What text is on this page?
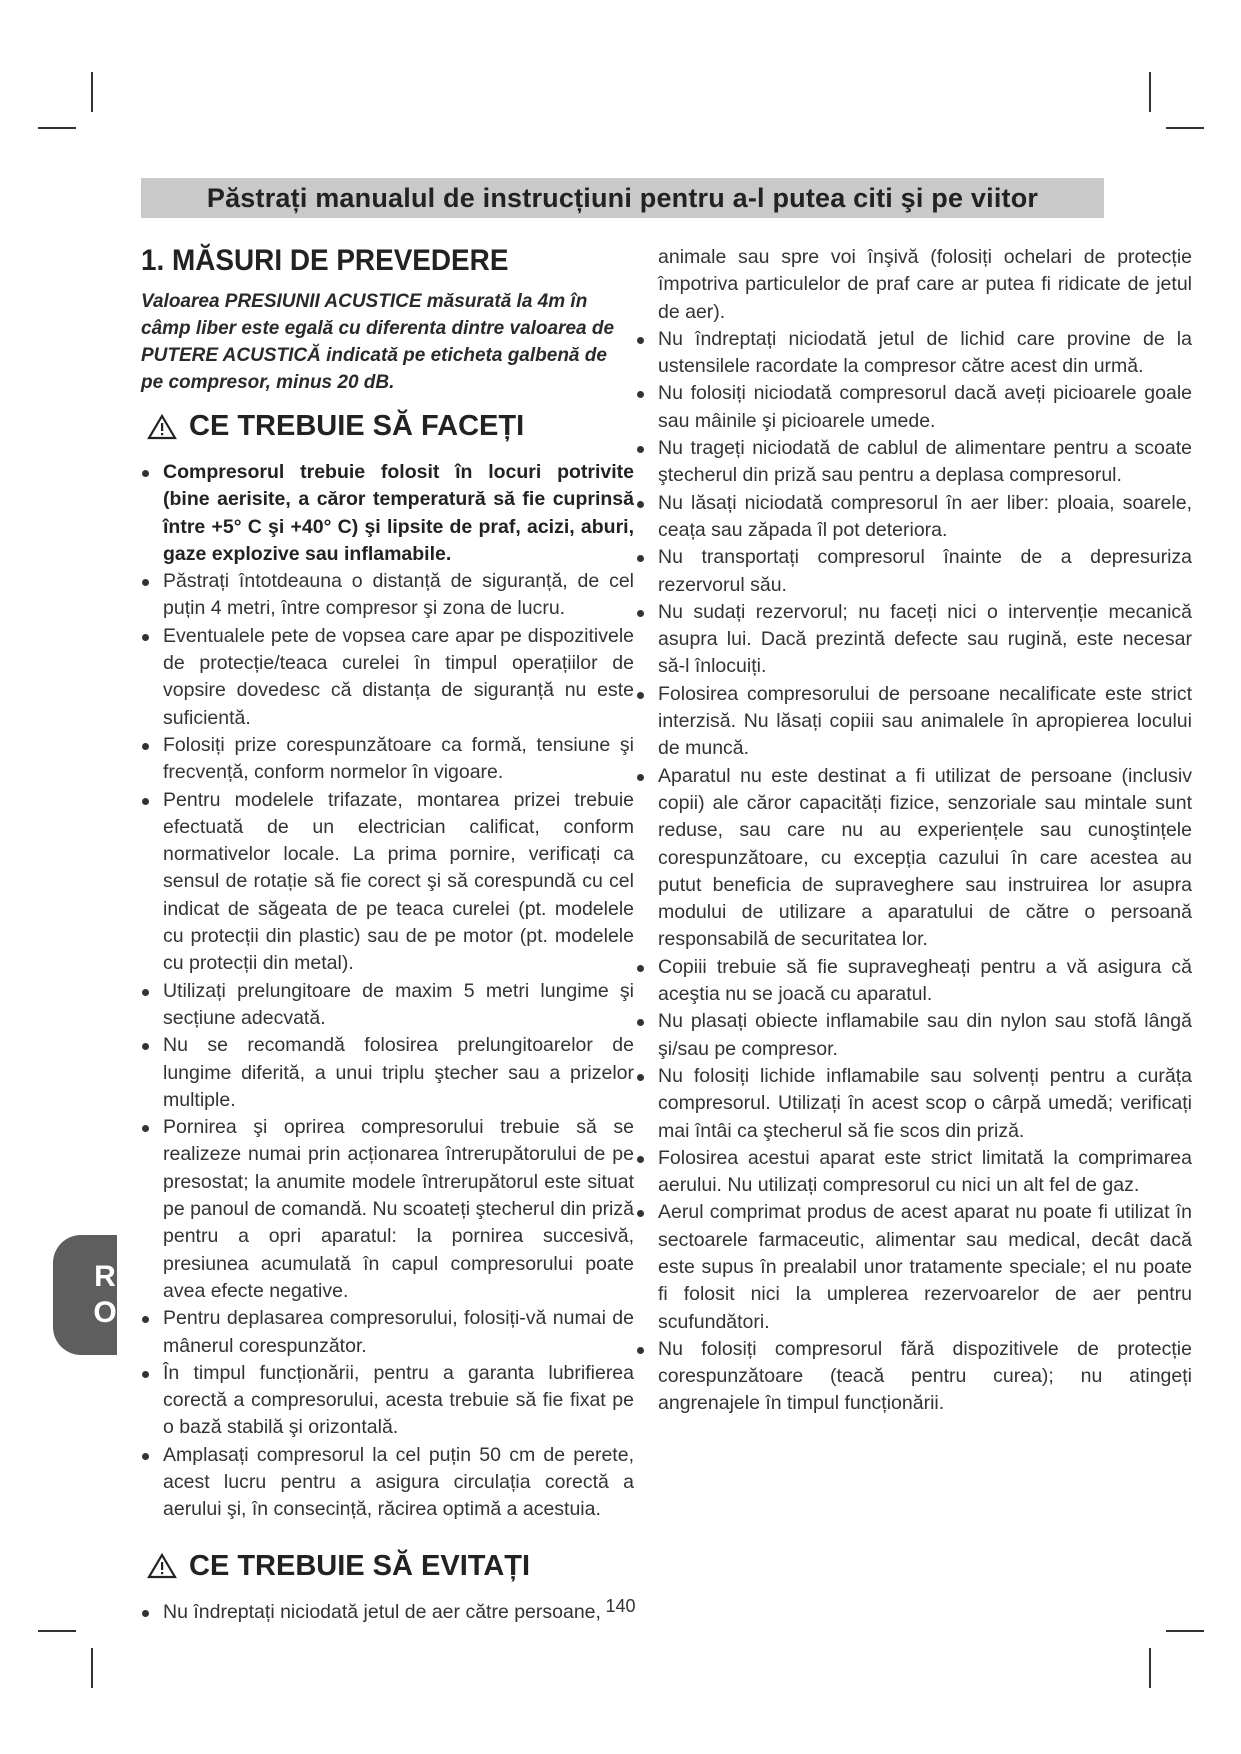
Păstrați manualul de instrucțiuni pentru a-l putea citi şi pe viitor
1. MĂSURI DE PREVEDERE

Valoarea PRESIUNII ACUSTICE măsurată la 4m în câmp liber este egală cu diferenta dintre valoarea de PUTERE ACUSTICĂ indicată pe eticheta galbenă de pe compresor, minus 20 dB.

CE TREBUIE SĂ FACEȚI
Compresorul trebuie folosit în locuri potrivite (bine aerisite, a căror temperatură să fie cuprinsă între +5° C şi +40° C) şi lipsite de praf, acizi, aburi, gaze explozive sau inflamabile.
Păstrați întotdeauna o distanță de siguranță, de cel puțin 4 metri, între compresor şi zona de lucru.
Eventualele pete de vopsea care apar pe dispozitivele de protecție/teaca curelei în timpul operațiilor de vopsire dovedesc că distanța de siguranță nu este suficientă.
Folosiți prize corespunzătoare ca formă, tensiune şi frecvență, conform normelor în vigoare.
Pentru modelele trifazate, montarea prizei trebuie efectuată de un electrician calificat, conform normativelor locale. La prima pornire, verificați ca sensul de rotație să fie corect şi să corespundă cu cel indicat de săgeata de pe teaca curelei (pt. modelele cu protecții din plastic) sau de pe motor (pt. modelele cu protecții din metal).
Utilizați prelungitoare de maxim 5 metri lungime şi secțiune adecvată.
Nu se recomandă folosirea prelungitoarelor de lungime diferită, a unui triplu ştecher sau a prizelor multiple.
Pornirea şi oprirea compresorului trebuie să se realizeze numai prin acționarea întrerupătorului de pe presostat; la anumite modele întrerupătorul este situat pe panoul de comandă. Nu scoateți ştecherul din priză pentru a opri aparatul: la pornirea succesivă, presiunea acumulată în capul compresorului poate avea efecte negative.
Pentru deplasarea compresorului, folosiți-vă numai de mânerul corespunzător.
În timpul funcționării, pentru a garanta lubrifierea corectă a compresorului, acesta trebuie să fie fixat pe o bază stabilă şi orizontală.
Amplasați compresorul la cel puțin 50 cm de perete, acest lucru pentru a asigura circulația corectă a aerului şi, în consecință, răcirea optimă a acestuia.
CE TREBUIE SĂ EVITAȚI
Nu îndreptați niciodată jetul de aer către persoane,
animale sau spre voi înşivă (folosiți ochelari de protecție împotriva particulelor de praf care ar putea fi ridicate de jetul de aer).
Nu îndreptați niciodată jetul de lichid care provine de la ustensilele racordate la compresor către acest din urmă.
Nu folosiți niciodată compresorul dacă aveți picioarele goale sau mâinile şi picioarele umede.
Nu trageți niciodată de cablul de alimentare pentru a scoate ştecherul din priză sau pentru a deplasa compresorul.
Nu lăsați niciodată compresorul în aer liber: ploaia, soarele, ceața sau zăpada îl pot deteriora.
Nu transportați compresorul înainte de a depresuriza rezervorul său.
Nu sudați rezervorul; nu faceți nici o intervenție mecanică asupra lui. Dacă prezintă defecte sau rugină, este necesar să-l înlocuiți.
Folosirea compresorului de persoane necalificate este strict interzisă. Nu lăsați copiii sau animalele în apropierea locului de muncă.
Aparatul nu este destinat a fi utilizat de persoane (inclusiv copii) ale căror capacități fizice, senzoriale sau mintale sunt reduse, sau care nu au experiențele sau cunoştințele corespunzătoare, cu excepția cazului în care acestea au putut beneficia de supraveghere sau instruirea lor asupra modului de utilizare a aparatului de către o persoană responsabilă de securitatea lor.
Copiii trebuie să fie supravegheați pentru a vă asigura că aceştia nu se joacă cu aparatul.
Nu plasați obiecte inflamabile sau din nylon sau stofă lângă şi/sau pe compresor.
Nu folosiți lichide inflamabile sau solvenți pentru a curăța compresorul. Utilizați în acest scop o cârpă umedă; verificați mai întâi ca ştecherul să fie scos din priză.
Folosirea acestui aparat este strict limitată la comprimarea aerului. Nu utilizați compresorul cu nici un alt fel de gaz.
Aerul comprimat produs de acest aparat nu poate fi utilizat în sectoarele farmaceutic, alimentar sau medical, decât dacă este supus în prealabil unor tratamente speciale; el nu poate fi folosit nici la umplerea rezervoarelor de aer pentru scufundători.
Nu folosiți compresorul fără dispozitivele de protecție corespunzătoare (teacă pentru curea); nu atingeți angrenajele în timpul funcționării.
R
O
140
